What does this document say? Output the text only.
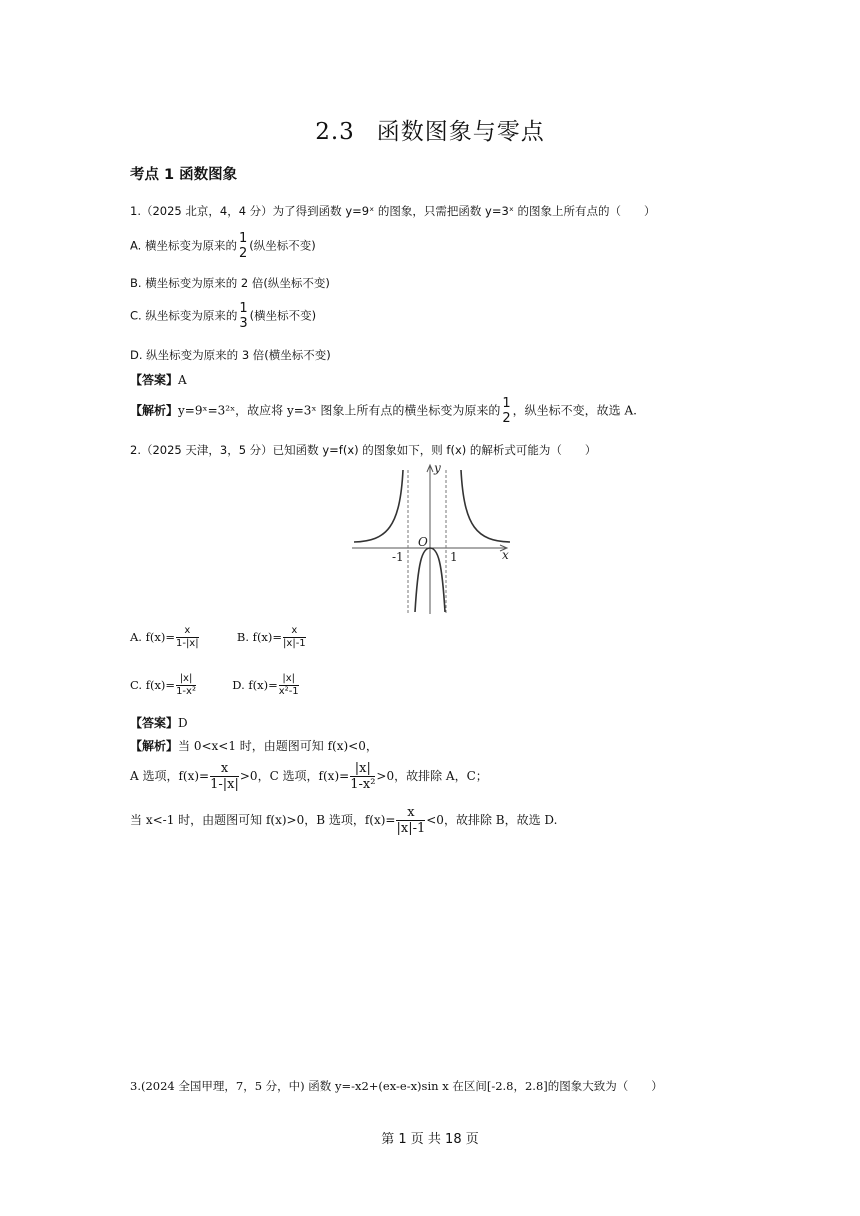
2.3 函数图象与零点
考点 1 函数图象
1.（2025 北京，4，4 分）为了得到函数 y=9ˣ 的图象，只需把函数 y=3ˣ 的图象上所有点的（　　）
A. 横坐标变为原来的 1
2
(纵坐标不变)
B. 横坐标变为原来的 2 倍(纵坐标不变)
C. 纵坐标变为原来的 1
3
(横坐标不变)
D. 纵坐标变为原来的 3 倍(横坐标不变)
【答案】A
【解析】y=9ˣ=3²ˣ，故应将 y=3ˣ 图象上所有点的横坐标变为原来的 1
2
，纵坐标不变，故选 A.
2.（2025 天津，3，5 分）已知函数 y=f(x) 的图象如下，则 f(x) 的解析式可能为（　　）
y
x
O
-1	1
A. $f(x)= \frac{x}{1-|x|}$	B. $f(x)= \frac{x}{|x|-1}$
C. $f(x)= \frac{|x|}{\text{1-x²}}$	D. $f(x)= \frac{|x|}{\text{x²-1}}$
【答案】D
【解析】当 0<x<1 时，由题图可知 f(x)<0，
A 选项，$f(x)= \frac{x}{1-|x|} >0$，C 选项，$f(x)= \frac{|x|}{\text{1-x²}} >0$，故排除 A，C；
当 x<-1 时，由题图可知 f(x)>0，B 选项，$f(x)= \frac{x}{|x|-1} <0$，故排除 B，故选 D.
3.(2024 全国甲理，7，5 分，中) 函数 y=-x2+(ex-e-x)sin x 在区间[-2.8，2.8]的图象大致为（　　）
第 1 页 共 18 页
